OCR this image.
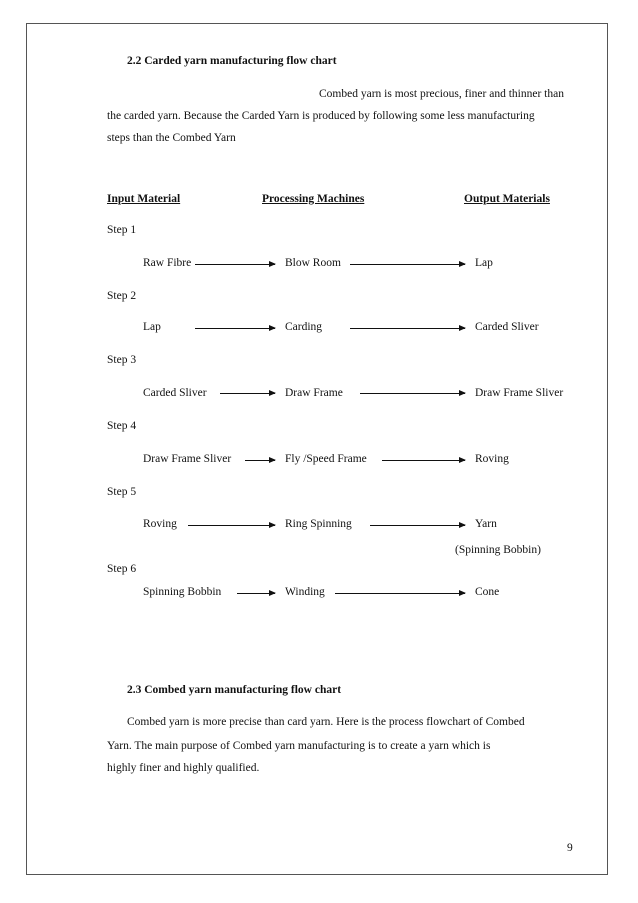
2.2 Carded yarn manufacturing flow chart
Combed yarn is most precious, finer and thinner than
the carded yarn. Because the Carded Yarn is produced by following some less manufacturing
steps than the Combed Yarn
Input Material	Processing Machines	Output Materials
Step 1
Raw Fibre	Blow Room	Lap
Step 2
Lap	Carding	Carded Sliver
Step 3
Carded Sliver	Draw Frame	Draw Frame Sliver
Step 4
Draw Frame Sliver	Fly /Speed Frame	Roving
Step 5
Roving	Ring Spinning	Yarn
(Spinning Bobbin)
Step 6
Spinning Bobbin	Winding	Cone
2.3 Combed yarn manufacturing flow chart
Combed yarn is more precise than card yarn. Here is the process flowchart of Combed
Yarn. The main purpose of Combed yarn manufacturing is to create a yarn which is
highly finer and highly qualified.
9
